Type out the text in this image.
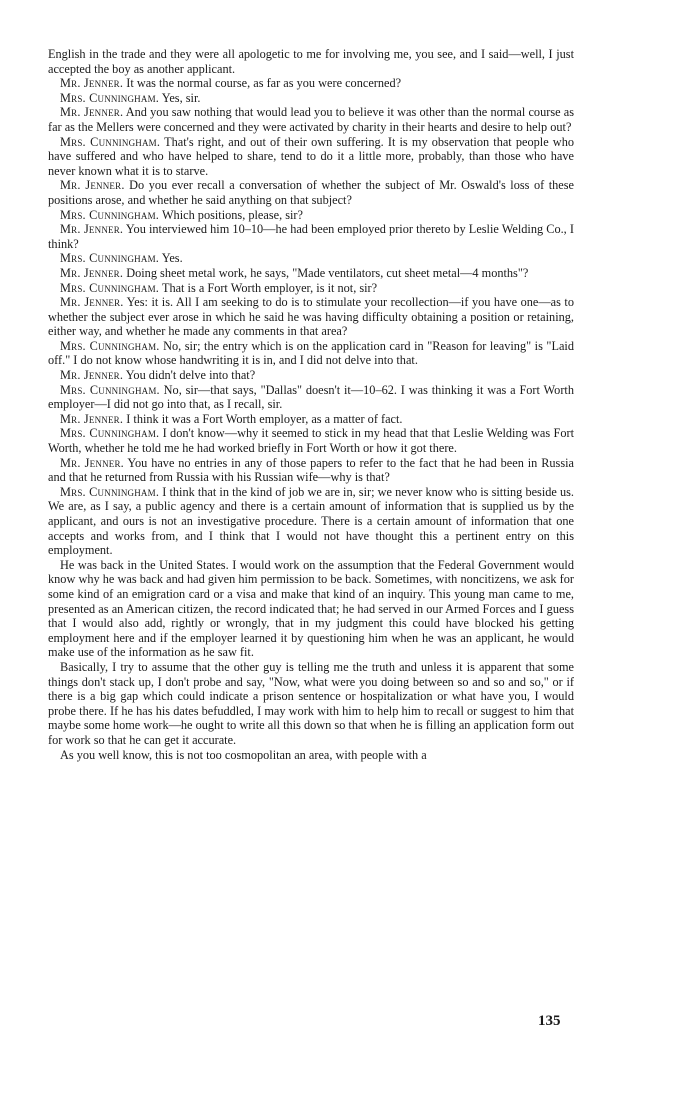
English in the trade and they were all apologetic to me for involving me, you see, and I said—well, I just accepted the boy as another applicant.

Mr. Jenner. It was the normal course, as far as you were concerned?

Mrs. Cunningham. Yes, sir.

Mr. Jenner. And you saw nothing that would lead you to believe it was other than the normal course as far as the Mellers were concerned and they were activated by charity in their hearts and desire to help out?

Mrs. Cunningham. That's right, and out of their own suffering. It is my observation that people who have suffered and who have helped to share, tend to do it a little more, probably, than those who have never known what it is to starve.

Mr. Jenner. Do you ever recall a conversation of whether the subject of Mr. Oswald's loss of these positions arose, and whether he said anything on that subject?

Mrs. Cunningham. Which positions, please, sir?

Mr. Jenner. You interviewed him 10–10—he had been employed prior thereto by Leslie Welding Co., I think?

Mrs. Cunningham. Yes.

Mr. Jenner. Doing sheet metal work, he says, "Made ventilators, cut sheet metal—4 months"?

Mrs. Cunningham. That is a Fort Worth employer, is it not, sir?

Mr. Jenner. Yes: it is. All I am seeking to do is to stimulate your recollection—if you have one—as to whether the subject ever arose in which he said he was having difficulty obtaining a position or retaining, either way, and whether he made any comments in that area?

Mrs. Cunningham. No, sir; the entry which is on the application card in "Reason for leaving" is "Laid off." I do not know whose handwriting it is in, and I did not delve into that.

Mr. Jenner. You didn't delve into that?

Mrs. Cunningham. No, sir—that says, "Dallas" doesn't it—10–62. I was thinking it was a Fort Worth employer—I did not go into that, as I recall, sir.

Mr. Jenner. I think it was a Fort Worth employer, as a matter of fact.

Mrs. Cunningham. I don't know—why it seemed to stick in my head that that Leslie Welding was Fort Worth, whether he told me he had worked briefly in Fort Worth or how it got there.

Mr. Jenner. You have no entries in any of those papers to refer to the fact that he had been in Russia and that he returned from Russia with his Russian wife—why is that?

Mrs. Cunningham. I think that in the kind of job we are in, sir; we never know who is sitting beside us. We are, as I say, a public agency and there is a certain amount of information that is supplied us by the applicant, and ours is not an investigative procedure. There is a certain amount of information that one accepts and works from, and I think that I would not have thought this a pertinent entry on this employment.

He was back in the United States. I would work on the assumption that the Federal Government would know why he was back and had given him permission to be back. Sometimes, with noncitizens, we ask for some kind of an emigration card or a visa and make that kind of an inquiry. This young man came to me, presented as an American citizen, the record indicated that; he had served in our Armed Forces and I guess that I would also add, rightly or wrongly, that in my judgment this could have blocked his getting employment here and if the employer learned it by questioning him when he was an applicant, he would make use of the information as he saw fit.

Basically, I try to assume that the other guy is telling me the truth and unless it is apparent that some things don't stack up, I don't probe and say, "Now, what were you doing between so and so and so," or if there is a big gap which could indicate a prison sentence or hospitalization or what have you, I would probe there. If he has his dates befuddled, I may work with him to help him to recall or suggest to him that maybe some home work—he ought to write all this down so that when he is filling an application form out for work so that he can get it accurate.

As you well know, this is not too cosmopolitan an area, with people with a

135
